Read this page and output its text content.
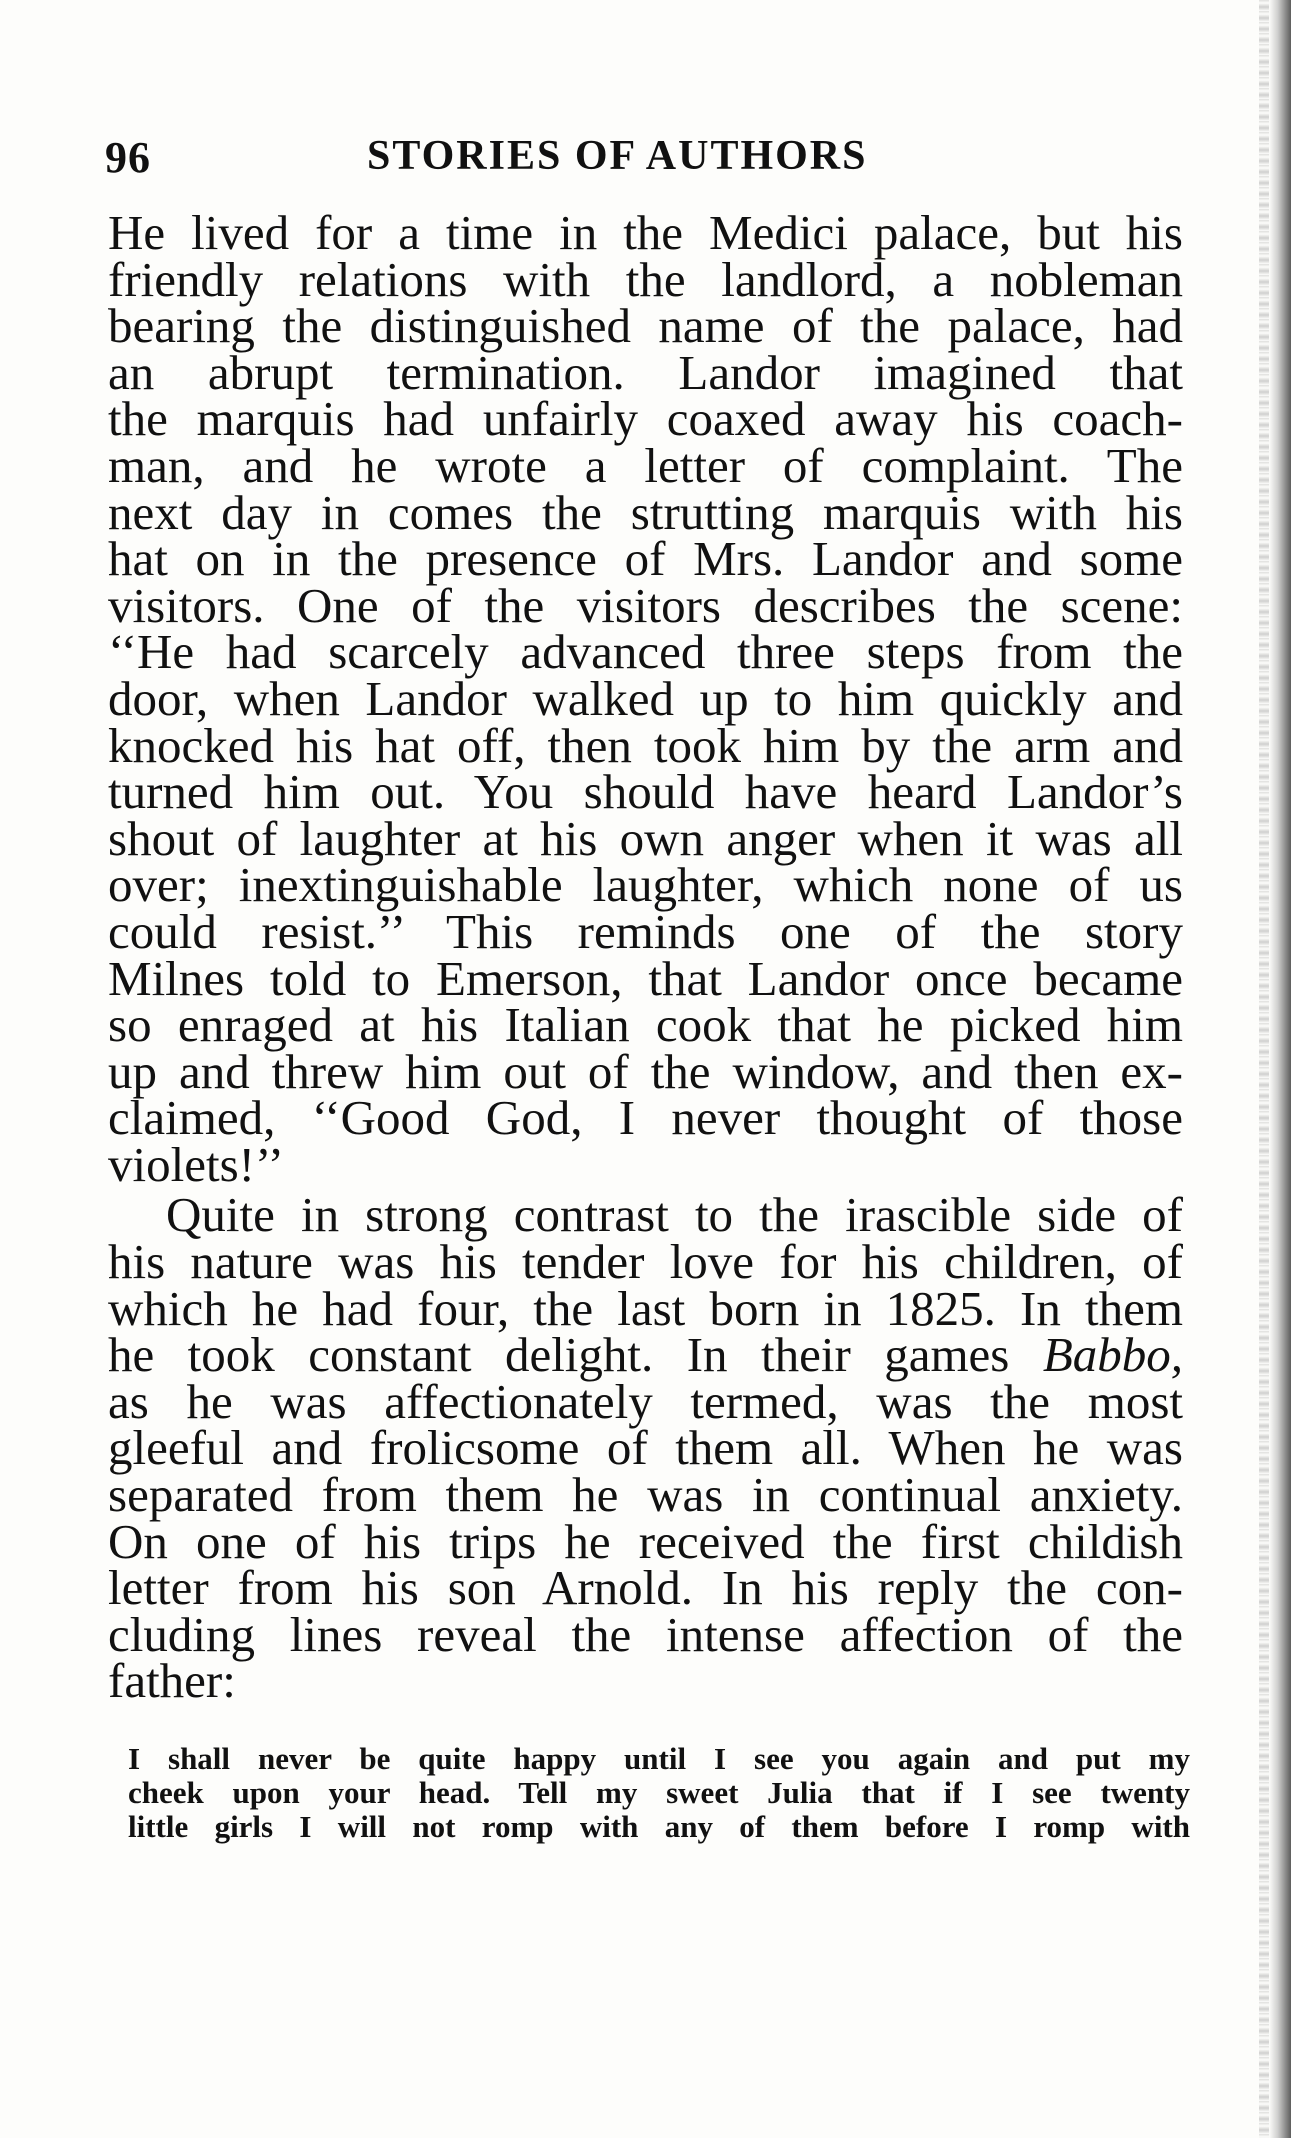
96	STORIES OF AUTHORS
He lived for a time in the Medici palace, but his
friendly relations with the landlord, a nobleman
bearing the distinguished name of the palace, had
an abrupt termination. Landor imagined that
the marquis had unfairly coaxed away his coach-
man, and he wrote a letter of complaint. The
next day in comes the strutting marquis with his
hat on in the presence of Mrs. Landor and some
visitors. One of the visitors describes the scene:
‘‘He had scarcely advanced three steps from the
door, when Landor walked up to him quickly and
knocked his hat off, then took him by the arm and
turned him out. You should have heard Landor’s
shout of laughter at his own anger when it was all
over; inextinguishable laughter, which none of us
could resist.’’ This reminds one of the story
Milnes told to Emerson, that Landor once became
so enraged at his Italian cook that he picked him
up and threw him out of the window, and then ex-
claimed, ‘‘Good God, I never thought of those
violets!’’
Quite in strong contrast to the irascible side of
his nature was his tender love for his children, of
which he had four, the last born in 1825. In them
he took constant delight. In their games Babbo,
as he was affectionately termed, was the most
gleeful and frolicsome of them all. When he was
separated from them he was in continual anxiety.
On one of his trips he received the first childish
letter from his son Arnold. In his reply the con-
cluding lines reveal the intense affection of the
father:
I shall never be quite happy until I see you again and put my
cheek upon your head. Tell my sweet Julia that if I see twenty
little girls I will not romp with any of them before I romp with
